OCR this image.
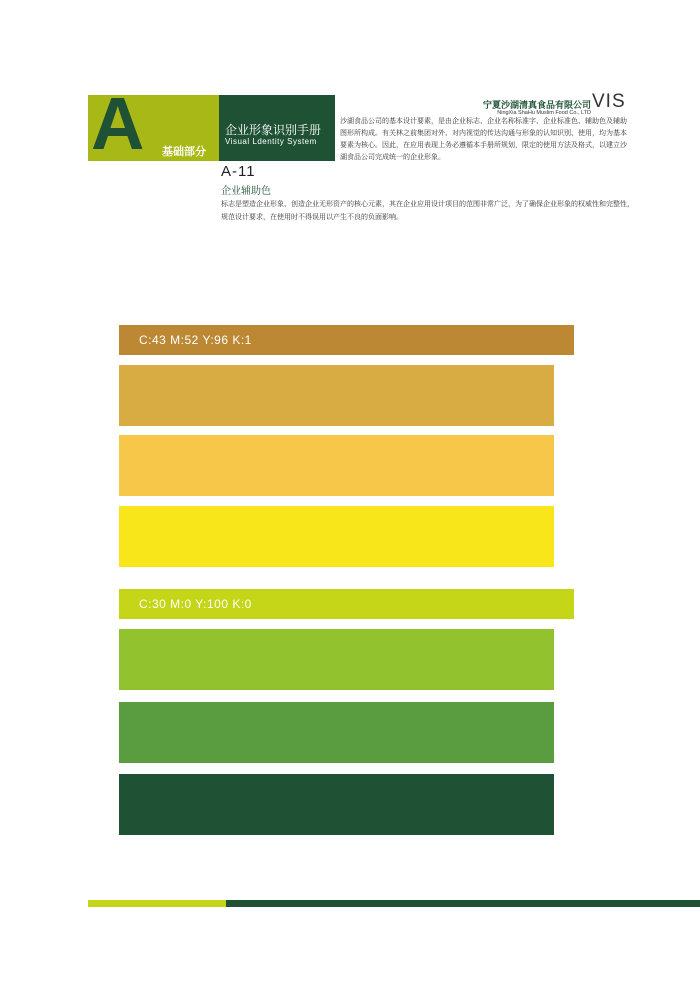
A 基础部分
企业形象识别手册
Visual Ldentity System
宁夏沙湖清真食品有限公司 VIS
NingXia ShaHu Muslim Food Co., LTD
沙湖食品公司的基本设计要素，是由企业标志、企业名称标准字、企业标准色、辅助色及辅助图形所构成。有关林之前集团对外、对内视觉的传达沟通与形象的认知识别、使用，均为基本要素为核心。因此，在应用表现上务必遵循本手册所规划，限定的使用方法及格式，以建立沙湖食品公司完成统一的企业形象。
A-11
企业辅助色
标志是塑造企业形象、创造企业无形资产的核心元素，其在企业应用设计项目的范围非常广泛，为了确保企业形象的权威性和完整性，规范设计要求，在使用时不得误用以产生不良的负面影响。
C:43 M:52 Y:96 K:1
C:30 M:0 Y:100 K:0
